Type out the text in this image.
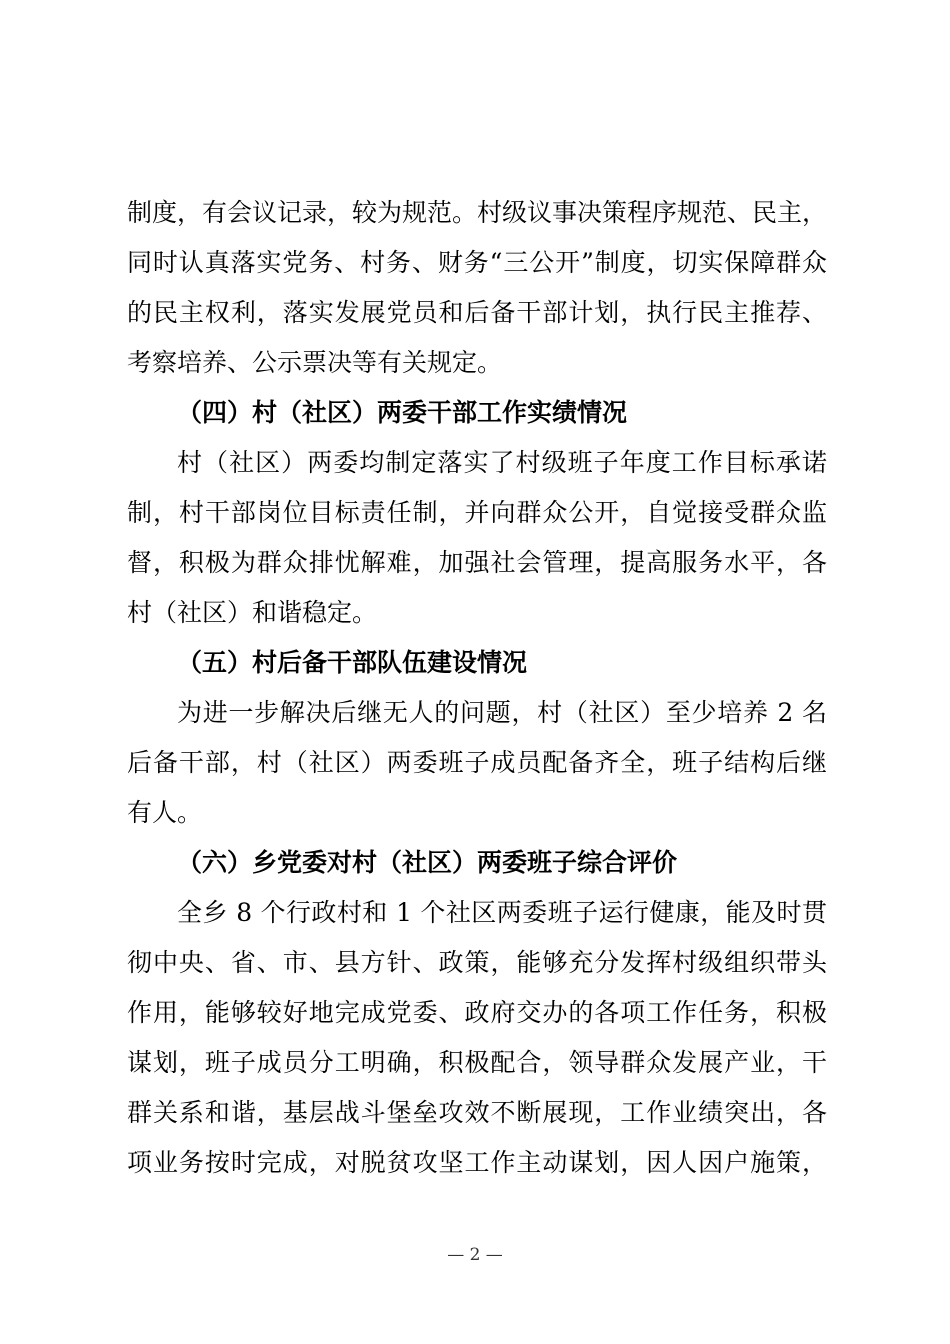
制度，有会议记录，较为规范。村级议事决策程序规范、民主，
同时认真落实党务、村务、财务“三公开”制度，切实保障群众
的民主权利，落实发展党员和后备干部计划，执行民主推荐、
考察培养、公示票决等有关规定。
（四）村（社区）两委干部工作实绩情况
村（社区）两委均制定落实了村级班子年度工作目标承诺
制，村干部岗位目标责任制，并向群众公开，自觉接受群众监
督，积极为群众排忧解难，加强社会管理，提高服务水平，各
村（社区）和谐稳定。
（五）村后备干部队伍建设情况
为进一步解决后继无人的问题，村（社区）至少培养 2 名
后备干部，村（社区）两委班子成员配备齐全，班子结构后继
有人。
（六）乡党委对村（社区）两委班子综合评价
全乡 8 个行政村和 1 个社区两委班子运行健康，能及时贯
彻中央、省、市、县方针、政策，能够充分发挥村级组织带头
作用，能够较好地完成党委、政府交办的各项工作任务，积极
谋划，班子成员分工明确，积极配合，领导群众发展产业，干
群关系和谐，基层战斗堡垒攻效不断展现，工作业绩突出，各
项业务按时完成，对脱贫攻坚工作主动谋划，因人因户施策，
— 2 —
